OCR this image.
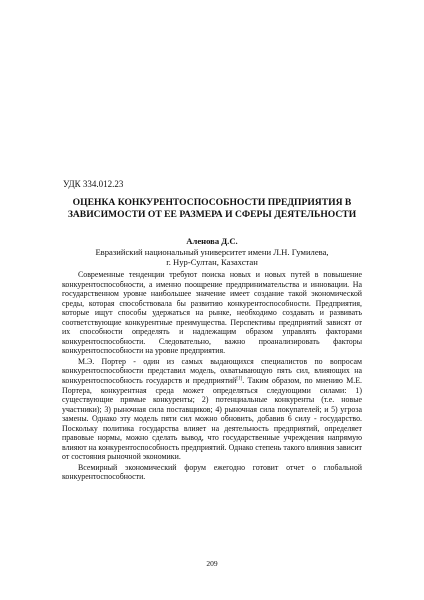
УДК 334.012.23
ОЦЕНКА КОНКУРЕНТОСПОСОБНОСТИ ПРЕДПРИЯТИЯ В
ЗАВИСИМОСТИ ОТ ЕЕ РАЗМЕРА И СФЕРЫ ДЕЯТЕЛЬНОСТИ
Аленова Д.С.
Евразийский национальный университет имени Л.Н. Гумилева,
г. Нур-Султан, Казахстан

Современные тенденции требуют поиска новых и новых путей в повышение конкурентоспособности, а именно поощрение предпринимательства и инновации. На государственном уровне наибольшее значение имеет создание такой экономической среды, которая способствовала бы развитию конкурентоспособности. Предприятия, которые ищут способы удержаться на рынке, необходимо создавать и развивать соответствующие конкурентные преимущества. Перспективы предприятий зависят от их способности определять и надлежащим образом управлять факторами конкурентоспособности. Следовательно, важно проанализировать факторы конкурентоспособности на уровне предприятия.

М.Э. Портер - один из самых выдающихся специалистов по вопросам конкурентоспособности представил модель, охватывающую пять сил, влияющих на конкурентоспособность государств и предприятий[1]. Таким образом, по мнению М.Е. Портера, конкурентная среда может определяться следующими силами: 1) существующие прямые конкуренты; 2) потенциальные конкуренты (т.е. новые участники); 3) рыночная сила поставщиков; 4) рыночная сила покупателей; и 5) угроза замены. Однако эту модель пяти сил можно обновить, добавив 6 силу - государство. Поскольку политика государства влияет на деятельность предприятий, определяет правовые нормы, можно сделать вывод, что государственные учреждения напрямую влияют на конкурентоспособность предприятий. Однако степень такого влияния зависит от состояния рыночной экономики.

Всемирный экономический форум ежегодно готовит отчет о глобальной конкурентоспособности.

209
